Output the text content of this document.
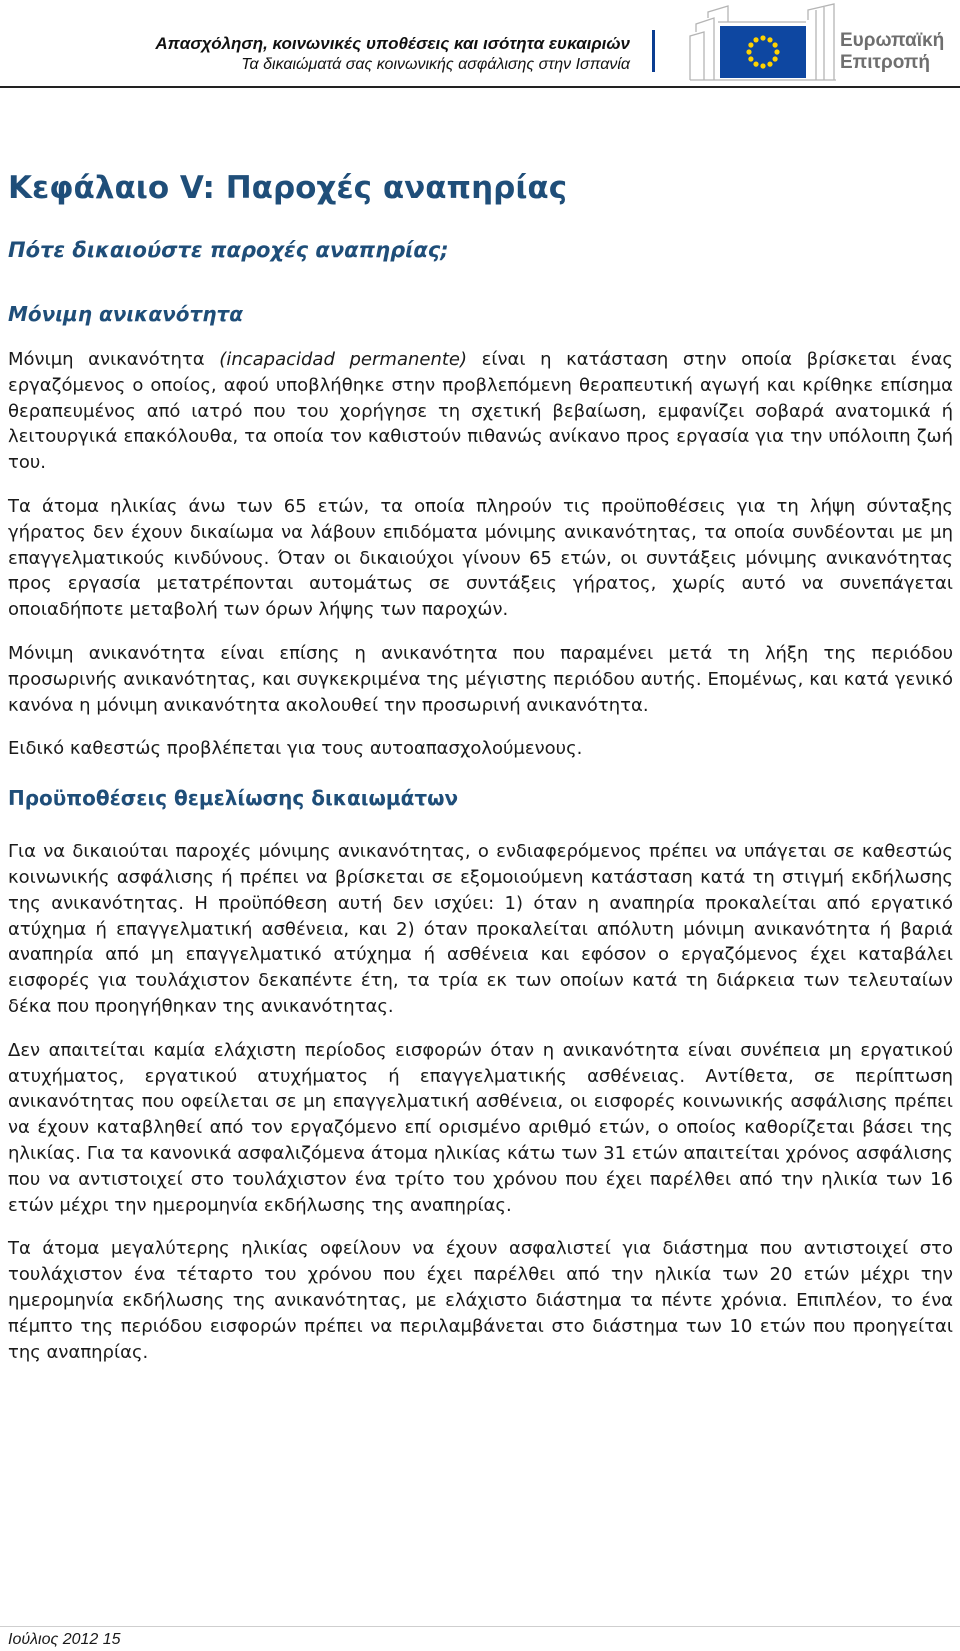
Απασχόληση, κοινωνικές υποθέσεις και ισότητα ευκαιριών
Τα δικαιώματά σας κοινωνικής ασφάλισης στην Ισπανία
Ευρωπαϊκή
Επιτροπή
Κεφάλαιο V: Παροχές αναπηρίας
Πότε δικαιούστε παροχές αναπηρίας;
Μόνιμη ανικανότητα

Μόνιμη ανικανότητα (incapacidad permanente) είναι η κατάσταση στην οποία βρίσκεται ένας εργαζόμενος ο οποίος, αφού υποβλήθηκε στην προβλεπόμενη θεραπευτική αγωγή και κρίθηκε επίσημα θεραπευμένος από ιατρό που του χορήγησε τη σχετική βεβαίωση, εμφανίζει σοβαρά ανατομικά ή λειτουργικά επακόλουθα, τα οποία τον καθιστούν πιθανώς ανίκανο προς εργασία για την υπόλοιπη ζωή του.

Τα άτομα ηλικίας άνω των 65 ετών, τα οποία πληρούν τις προϋποθέσεις για τη λήψη σύνταξης γήρατος δεν έχουν δικαίωμα να λάβουν επιδόματα μόνιμης ανικανότητας, τα οποία συνδέονται με μη επαγγελματικούς κινδύνους. Όταν οι δικαιούχοι γίνουν 65 ετών, οι συντάξεις μόνιμης ανικανότητας προς εργασία μετατρέπονται αυτομάτως σε συντάξεις γήρατος, χωρίς αυτό να συνεπάγεται οποιαδήποτε μεταβολή των όρων λήψης των παροχών.

Μόνιμη ανικανότητα είναι επίσης η ανικανότητα που παραμένει μετά τη λήξη της περιόδου προσωρινής ανικανότητας, και συγκεκριμένα της μέγιστης περιόδου αυτής. Επομένως, και κατά γενικό κανόνα η μόνιμη ανικανότητα ακολουθεί την προσωρινή ανικανότητα.

Ειδικό καθεστώς προβλέπεται για τους αυτοαπασχολούμενους.

Προϋποθέσεις θεμελίωσης δικαιωμάτων

Για να δικαιούται παροχές μόνιμης ανικανότητας, ο ενδιαφερόμενος πρέπει να υπάγεται σε καθεστώς κοινωνικής ασφάλισης ή πρέπει να βρίσκεται σε εξομοιούμενη κατάσταση κατά τη στιγμή εκδήλωσης της ανικανότητας. Η προϋπόθεση αυτή δεν ισχύει: 1) όταν η αναπηρία προκαλείται από εργατικό ατύχημα ή επαγγελματική ασθένεια, και 2) όταν προκαλείται απόλυτη μόνιμη ανικανότητα ή βαριά αναπηρία από μη επαγγελματικό ατύχημα ή ασθένεια και εφόσον ο εργαζόμενος έχει καταβάλει εισφορές για τουλάχιστον δεκαπέντε έτη, τα τρία εκ των οποίων κατά τη διάρκεια των τελευταίων δέκα που προηγήθηκαν της ανικανότητας.

Δεν απαιτείται καμία ελάχιστη περίοδος εισφορών όταν η ανικανότητα είναι συνέπεια μη εργατικού ατυχήματος, εργατικού ατυχήματος ή επαγγελματικής ασθένειας. Αντίθετα, σε περίπτωση ανικανότητας που οφείλεται σε μη επαγγελματική ασθένεια, οι εισφορές κοινωνικής ασφάλισης πρέπει να έχουν καταβληθεί από τον εργαζόμενο επί ορισμένο αριθμό ετών, ο οποίος καθορίζεται βάσει της ηλικίας. Για τα κανονικά ασφαλιζόμενα άτομα ηλικίας κάτω των 31 ετών απαιτείται χρόνος ασφάλισης που να αντιστοιχεί στο τουλάχιστον ένα τρίτο του χρόνου που έχει παρέλθει από την ηλικία των 16 ετών μέχρι την ημερομηνία εκδήλωσης της αναπηρίας.

Τα άτομα μεγαλύτερης ηλικίας οφείλουν να έχουν ασφαλιστεί για διάστημα που αντιστοιχεί στο τουλάχιστον ένα τέταρτο του χρόνου που έχει παρέλθει από την ηλικία των 20 ετών μέχρι την ημερομηνία εκδήλωσης της ανικανότητας, με ελάχιστο διάστημα τα πέντε χρόνια. Επιπλέον, το ένα πέμπτο της περιόδου εισφορών πρέπει να περιλαμβάνεται στο διάστημα των 10 ετών που προηγείται της αναπηρίας.

Ιούλιος 2012 15
